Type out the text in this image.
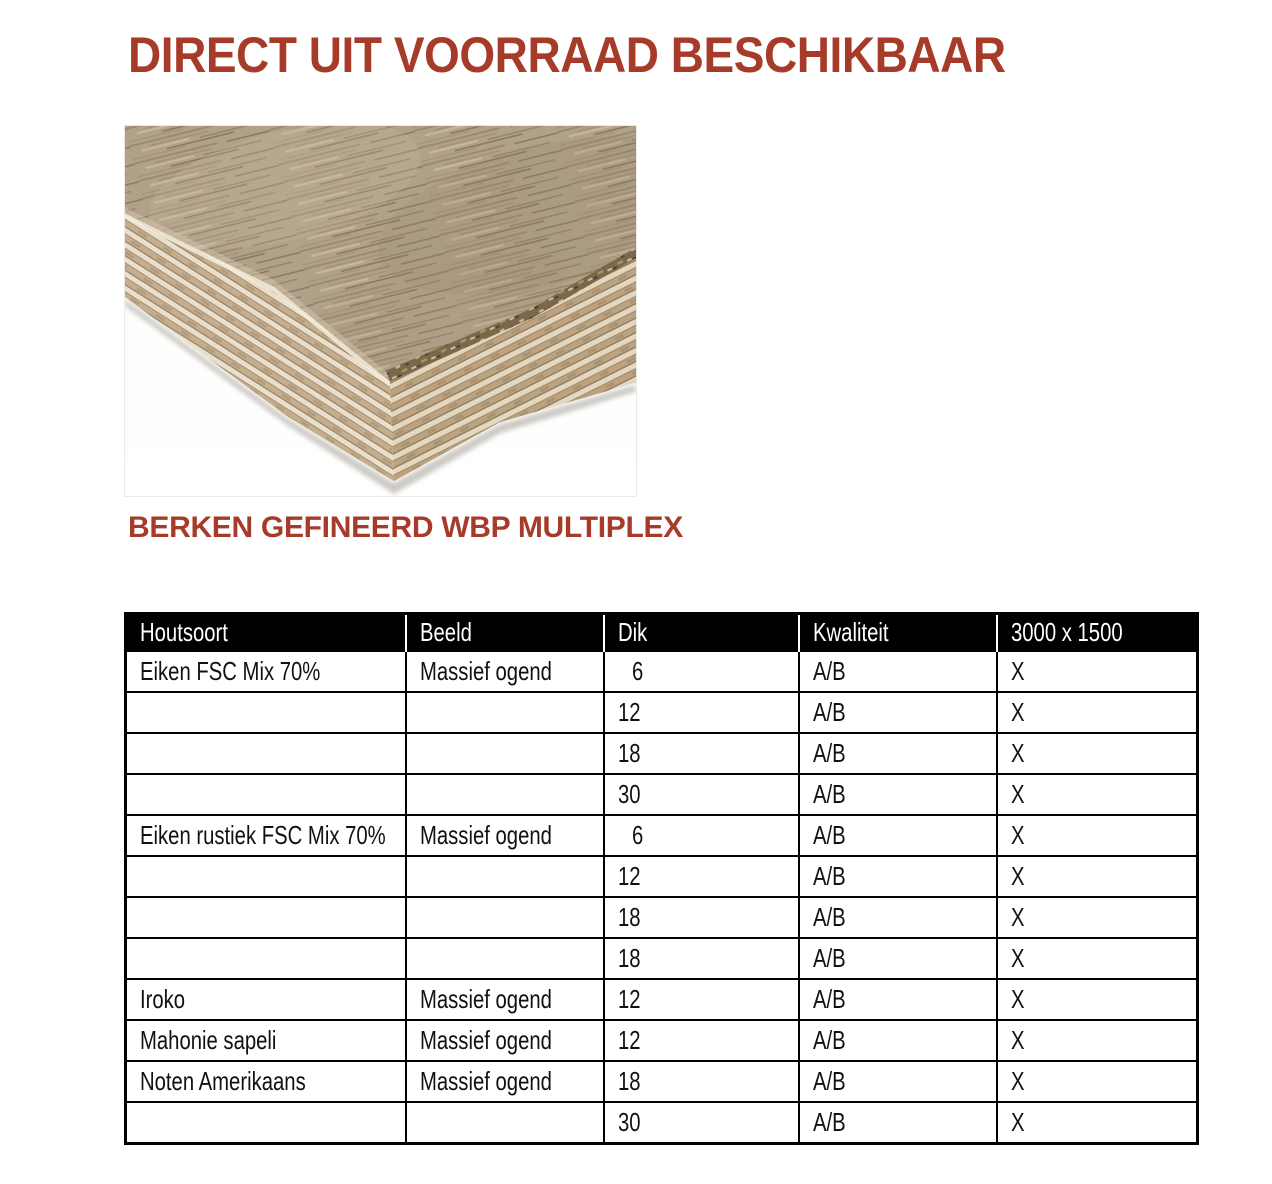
DIRECT UIT VOORRAAD BESCHIKBAAR
BERKEN GEFINEERD WBP MULTIPLEX
Houtsoort	Beeld	Dik	Kwaliteit	3000 x 1500
Eiken FSC Mix 70%	Massief ogend	6	A/B	X
		12	A/B	X
		18	A/B	X
		30	A/B	X
Eiken rustiek FSC Mix 70%	Massief ogend	6	A/B	X
		12	A/B	X
		18	A/B	X
		18	A/B	X
Iroko	Massief ogend	12	A/B	X
Mahonie sapeli	Massief ogend	12	A/B	X
Noten Amerikaans	Massief ogend	18	A/B	X
		30	A/B	X
